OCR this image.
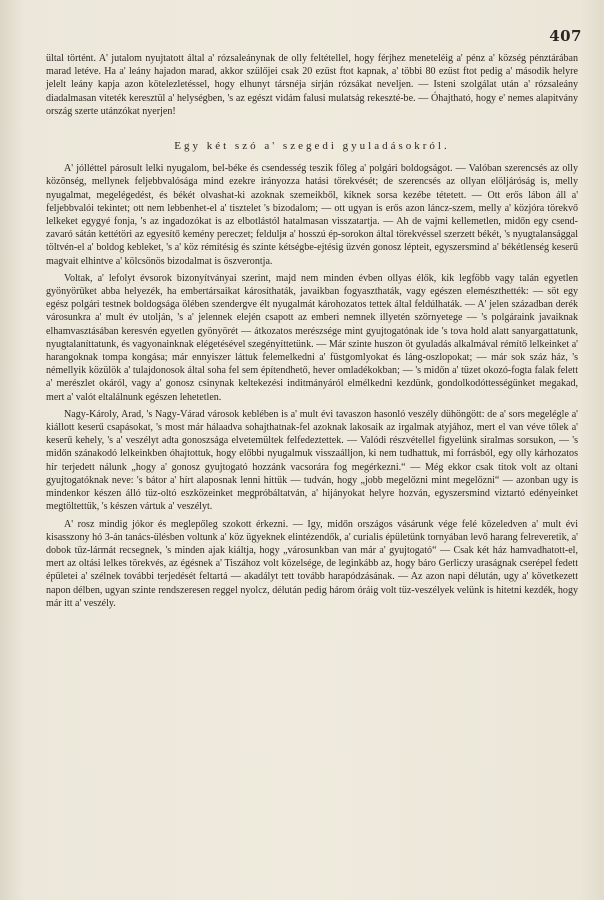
407

ültal történt. A' jutalom nyujtatott által a' rózsaleánynak de olly feltétellel, hogy férjhez meneteléig a' pénz a' község pénztárában marad letéve. Ha a' leány hajadon marad, akkor szülőjei csak 20 ezüst ftot kapnak, a' többi 80 ezüst ftot pedig a' második helyre jelelt leány kapja azon kötelezletéssel, hogy elhunyt társnéja sírján rózsákat neveljen. — Isteni szolgálat után a' rózsaleány diadalmasan viteték keresztül a' helységben, 's az egészt vidám falusi mulatság rekeszté-be. — Óhajtható, hogy e' nemes alapitvány ország szerte utánzókat nyerjen!

Egy két szó a' szegedi gyuladásokról.

A' jólléttel párosult lelki nyugalom, bel-béke és csendesség teszik főleg a' polgári boldogságot. — Valóban szerencsés az olly közönség, mellynek feljebbvalósága mind ezekre irányozza hatási törekvését; de szerencsés az ollyan elöljáróság is, melly nyugalmat, megelégedést, és békét olvashat-ki azoknak szemeikből, kiknek sorsa kezébe tétetett. — Ott erős lábon áll a' feljebbvalói tekintet; ott nem lebbenhet-el a' tisztelet 's bizodalom; — ott ugyan is erős azon láncz-szem, melly a' közjóra törekvő lelkeket egygyé fonja, 's az ingadozókat is az elbotlástól hatalmasan visszatartja. — Ah de vajmi kellemetlen, midőn egy csend-zavaró sátán kettétöri az egyesítő kemény pereczet; felduljя a' hosszú ép-sorokon által törekvéssel szerzett békét, 's nyugtalansággal töltvén-el a' boldog kebleket, 's a' köz rémítésig és szinte kétségbe-ejtésig üzvén gonosz lépteit, egyszersmind a' békétlenség keserű magvait elhintve a' kölcsönös bizodalmat is öszverontja.

Voltak, a' lefolyt évsorok bizonyítványai szerint, majd nem minden évben ollyas élők, kik legföbb vagy talán egyetlen gyönyörüket abba helyezék, ha embertársaikat károsíthaták, javaikban fogyaszthaták, vagy egészen elemészthették: — söt egy egész polgári testnek boldogsága ölében szendergve élt nyugalmát károhozatos tettek által feldúlhaták. — A' jelen században derék városunkra a' mult év utolján, 's a' jelennek elején csapott az emberi nemnek illyetén szörnyetege — 's polgárаink javaiknak elhamvasztásában keresvén egyetlen gyönyörét — átkozatos merészsége mint gyujtogatónak ide 's tova hold alatt sanyargattatunk, nyugtalaníttatunk, és vagyonainknak elégetésével szegényíttetünk. — Már szinte huszon öt gyuladás alkalmával rémítő lelkeinket a' harangoknak tompa kongása; már ennyiszer láttuk felemelkedni a' füstgomlyokat és láng-oszlopokat; — már sok száz ház, 's némellyik közülök a' tulajdonosok által soha fel sem építendhető, hever omladékokban; — 's midőn a' tüzet okozó-fogta falak felett a' merészlet okáról, vagy a' gonosz csinynak keltekezési inditmányáról elmélkedni kezdünk, gondolkodóttességünket megakad, mert a' valót eltalálnunk egészen lehetetlen.

Nagy-Károly, Arad, 's Nagy-Várad városok keblében is a' mult évi tavaszon hasonló veszély dühöngött: de a' sors megelégle a' kiállott keserű csapásokat, 's most már hálaadva sohajthatnak-fel azoknak lakosaik az irgalmak atyjához, mert el van véve tőlek a' keserű kehely, 's a' veszélyt adta gonoszsága elvetemültek felfedeztettek. — Valódi részvétellel figyelünk siralmas sorsukon, — 's midőn szánakodó lelkeinkben óhajtottuk, hogy előbbi nyugalmuk visszaálljon, ki nem tudhattuk, mi forrásból, egy olly kárhozatos hír terjedett nálunk „hogy a' gonosz gyujtogató hozzánk vacsorára fog megérkezni.“ — Még ekkor csak titok volt az oltani gyujtogatóknak neve: 's bátor a' hírt alaposnak lenni hittük — tudván, hogy „jobb megelőzni mint megelőzni“ — azonban ugy is mindenkor készen álló tüz-oltó eszközeinket megpróbáltatván, a' hijányokat helyre hozván, egyszersmind viztartó edényeinket megtöltettük, 's készen vártuk a' veszélyt.

A' rosz mindig jókor és meglepőleg szokott érkezni. — Igy, midőn országos vásárunk vége felé közeledven a' mult évi kisasszony hó 3-án tanács-ülésben voltunk a' köz ügyeknek elintézendők, a' curialis épületünk tornyában levő harang felreveretik, a' dobok tüz-lármát recsegnek, 's minden ajak kiáltja, hogy „városunkban van már a' gyujtogató“ — Csak két ház hamvadhatott-el, mert az oltási lelkes törekvés, az égésnek a' Tiszához volt közelsége, de leginkább az, hogy báro Gerliczy uraságnak cserépel fedett épületei a' szélnek további terjedését feltartá — akadályt tett tovább harapódzásának. — Az azon napi délután, ugy a' következett napon délben, ugyan szinte rendszeresen reggel nyolcz, délután pedig három óráig volt tüz-veszélyek velünk is hitetni kezdék, hogy már itt a' veszély.
